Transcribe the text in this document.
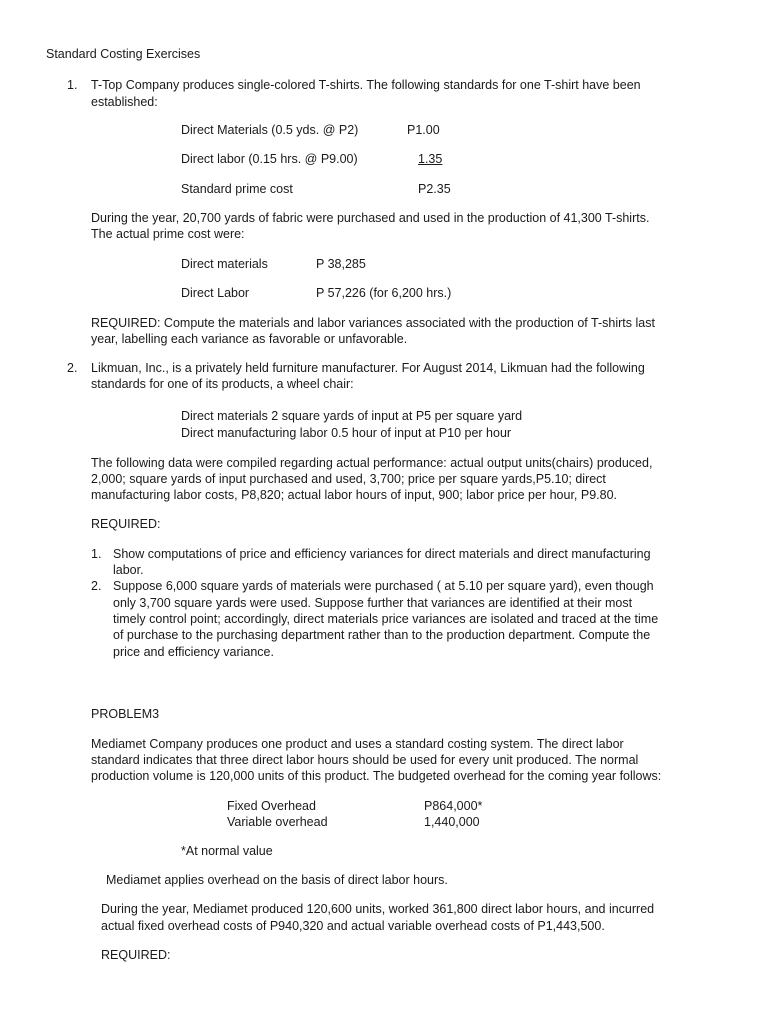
Standard Costing Exercises
1. T-Top Company produces single-colored T-shirts. The following standards for one T-shirt have been
established:
Direct Materials (0.5 yds. @ P2)	P1.00
Direct labor (0.15 hrs. @ P9.00)	1.35
Standard prime cost	P2.35
During the year, 20,700 yards of fabric were purchased and used in the production of 41,300 T-shirts.
The actual prime cost were:
Direct materials	P 38,285
Direct Labor	P 57,226 (for 6,200 hrs.)
REQUIRED: Compute the materials and labor variances associated with the production of T-shirts last
year, labelling each variance as favorable or unfavorable.
2. Likmuan, Inc., is a privately held furniture manufacturer. For August 2014, Likmuan had the following
standards for one of its products, a wheel chair:
Direct materials 2 square yards of input at P5 per square yard
Direct manufacturing labor 0.5 hour of input at P10 per hour
The following data were compiled regarding actual performance: actual output units(chairs) produced,
2,000; square yards of input purchased and used, 3,700; price per square yards,P5.10; direct
manufacturing labor costs, P8,820; actual labor hours of input, 900; labor price per hour, P9.80.
REQUIRED:
1. Show computations of price and efficiency variances for direct materials and direct manufacturing
labor.
2. Suppose 6,000 square yards of materials were purchased ( at 5.10 per square yard), even though
only 3,700 square yards were used. Suppose further that variances are identified at their most
timely control point; accordingly, direct materials price variances are isolated and traced at the time
of purchase to the purchasing department rather than to the production department. Compute the
price and efficiency variance.
PROBLEM3
Mediamet Company produces one product and uses a standard costing system. The direct labor
standard indicates that three direct labor hours should be used for every unit produced. The normal
production volume is 120,000 units of this product. The budgeted overhead for the coming year follows:
Fixed Overhead	P864,000*
Variable overhead	1,440,000
*At normal value
Mediamet applies overhead on the basis of direct labor hours.
During the year, Mediamet produced 120,600 units, worked 361,800 direct labor hours, and incurred
actual fixed overhead costs of P940,320 and actual variable overhead costs of P1,443,500.
REQUIRED:
